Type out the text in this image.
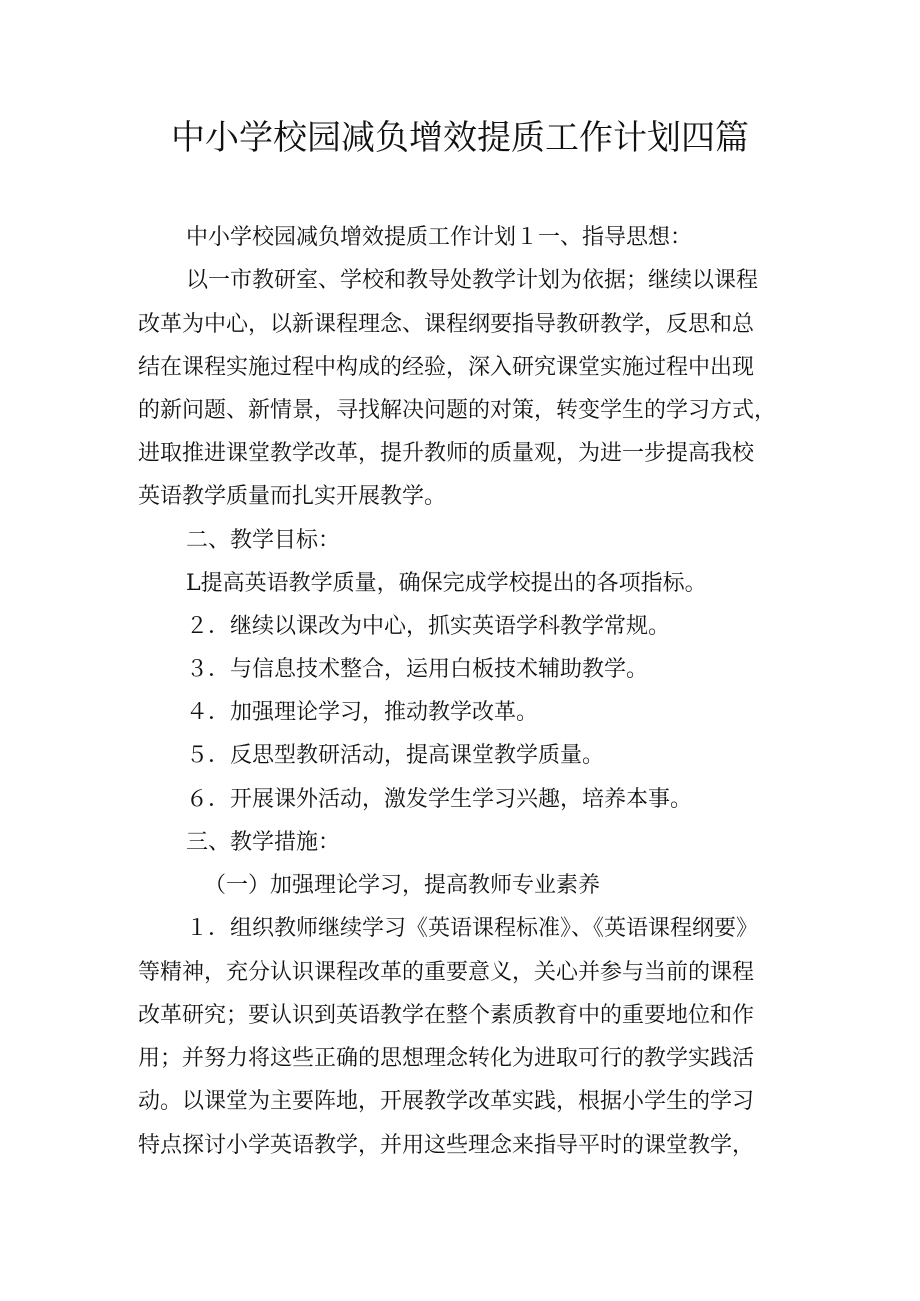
中小学校园减负增效提质工作计划四篇
中小学校园减负增效提质工作计划１一、指导思想：
以一市教研室、学校和教导处教学计划为依据；继续以课程
改革为中心，以新课程理念、课程纲要指导教研教学，反思和总
结在课程实施过程中构成的经验，深入研究课堂实施过程中出现
的新问题、新情景，寻找解决问题的对策，转变学生的学习方式，
进取推进课堂教学改革，提升教师的质量观，为进一步提高我校
英语教学质量而扎实开展教学。
二、教学目标：
L提高英语教学质量，确保完成学校提出的各项指标。
２．继续以课改为中心，抓实英语学科教学常规。
３．与信息技术整合，运用白板技术辅助教学。
４．加强理论学习，推动教学改革。
５．反思型教研活动，提高课堂教学质量。
６．开展课外活动，激发学生学习兴趣，培养本事。
三、教学措施：
（一）加强理论学习，提高教师专业素养
１．组织教师继续学习《英语课程标准》、《英语课程纲要》
等精神，充分认识课程改革的重要意义，关心并参与当前的课程
改革研究；要认识到英语教学在整个素质教育中的重要地位和作
用；并努力将这些正确的思想理念转化为进取可行的教学实践活
动。以课堂为主要阵地，开展教学改革实践，根据小学生的学习
特点探讨小学英语教学，并用这些理念来指导平时的课堂教学，
